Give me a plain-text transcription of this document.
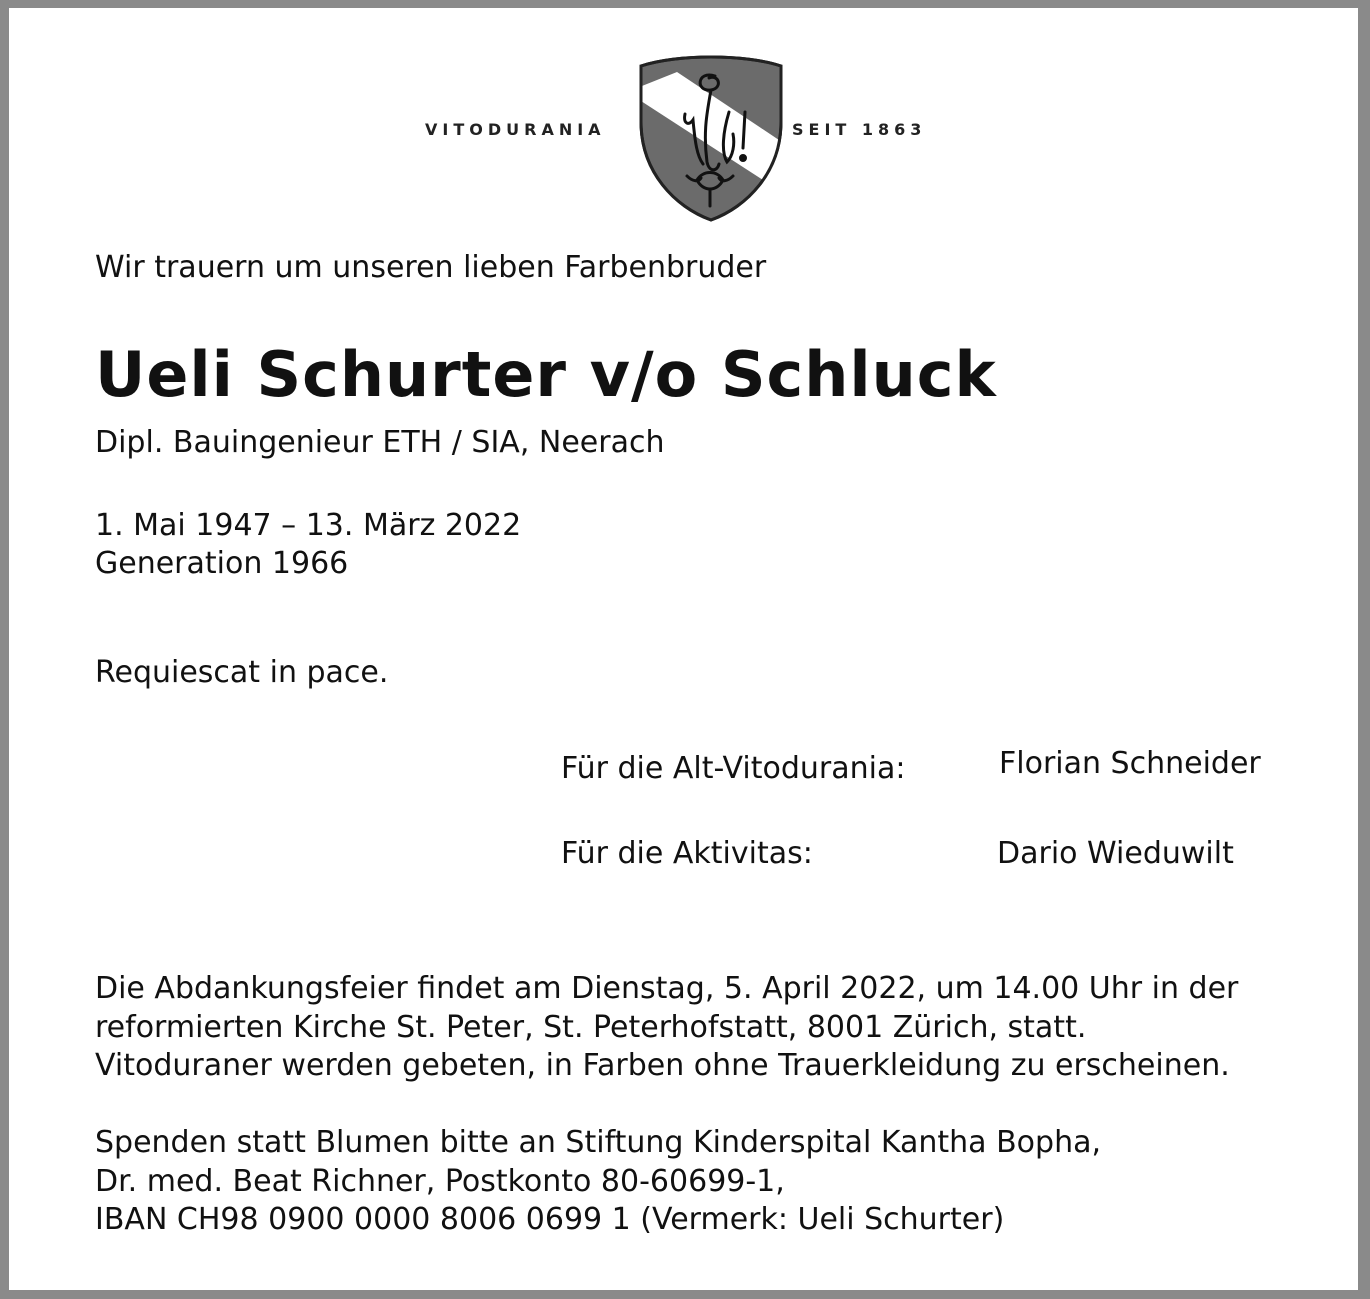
VITODURANIA	SEIT 1863
Wir trauern um unseren lieben Farbenbruder
Ueli Schurter v/o Schluck
Dipl. Bauingenieur ETH / SIA, Neerach
1. Mai 1947 – 13. März 2022
Generation 1966
Requiescat in pace.
Für die Alt-Vitodurania:	Florian Schneider
Für die Aktivitas:	Dario Wieduwilt
Die Abdankungsfeier findet am Dienstag, 5. April 2022, um 14.00 Uhr in der
reformierten Kirche St. Peter, St. Peterhofstatt, 8001 Zürich, statt.
Vitoduraner werden gebeten, in Farben ohne Trauerkleidung zu erscheinen.
Spenden statt Blumen bitte an Stiftung Kinderspital Kantha Bopha,
Dr. med. Beat Richner, Postkonto 80-60699-1,
IBAN CH98 0900 0000 8006 0699 1 (Vermerk: Ueli Schurter)
